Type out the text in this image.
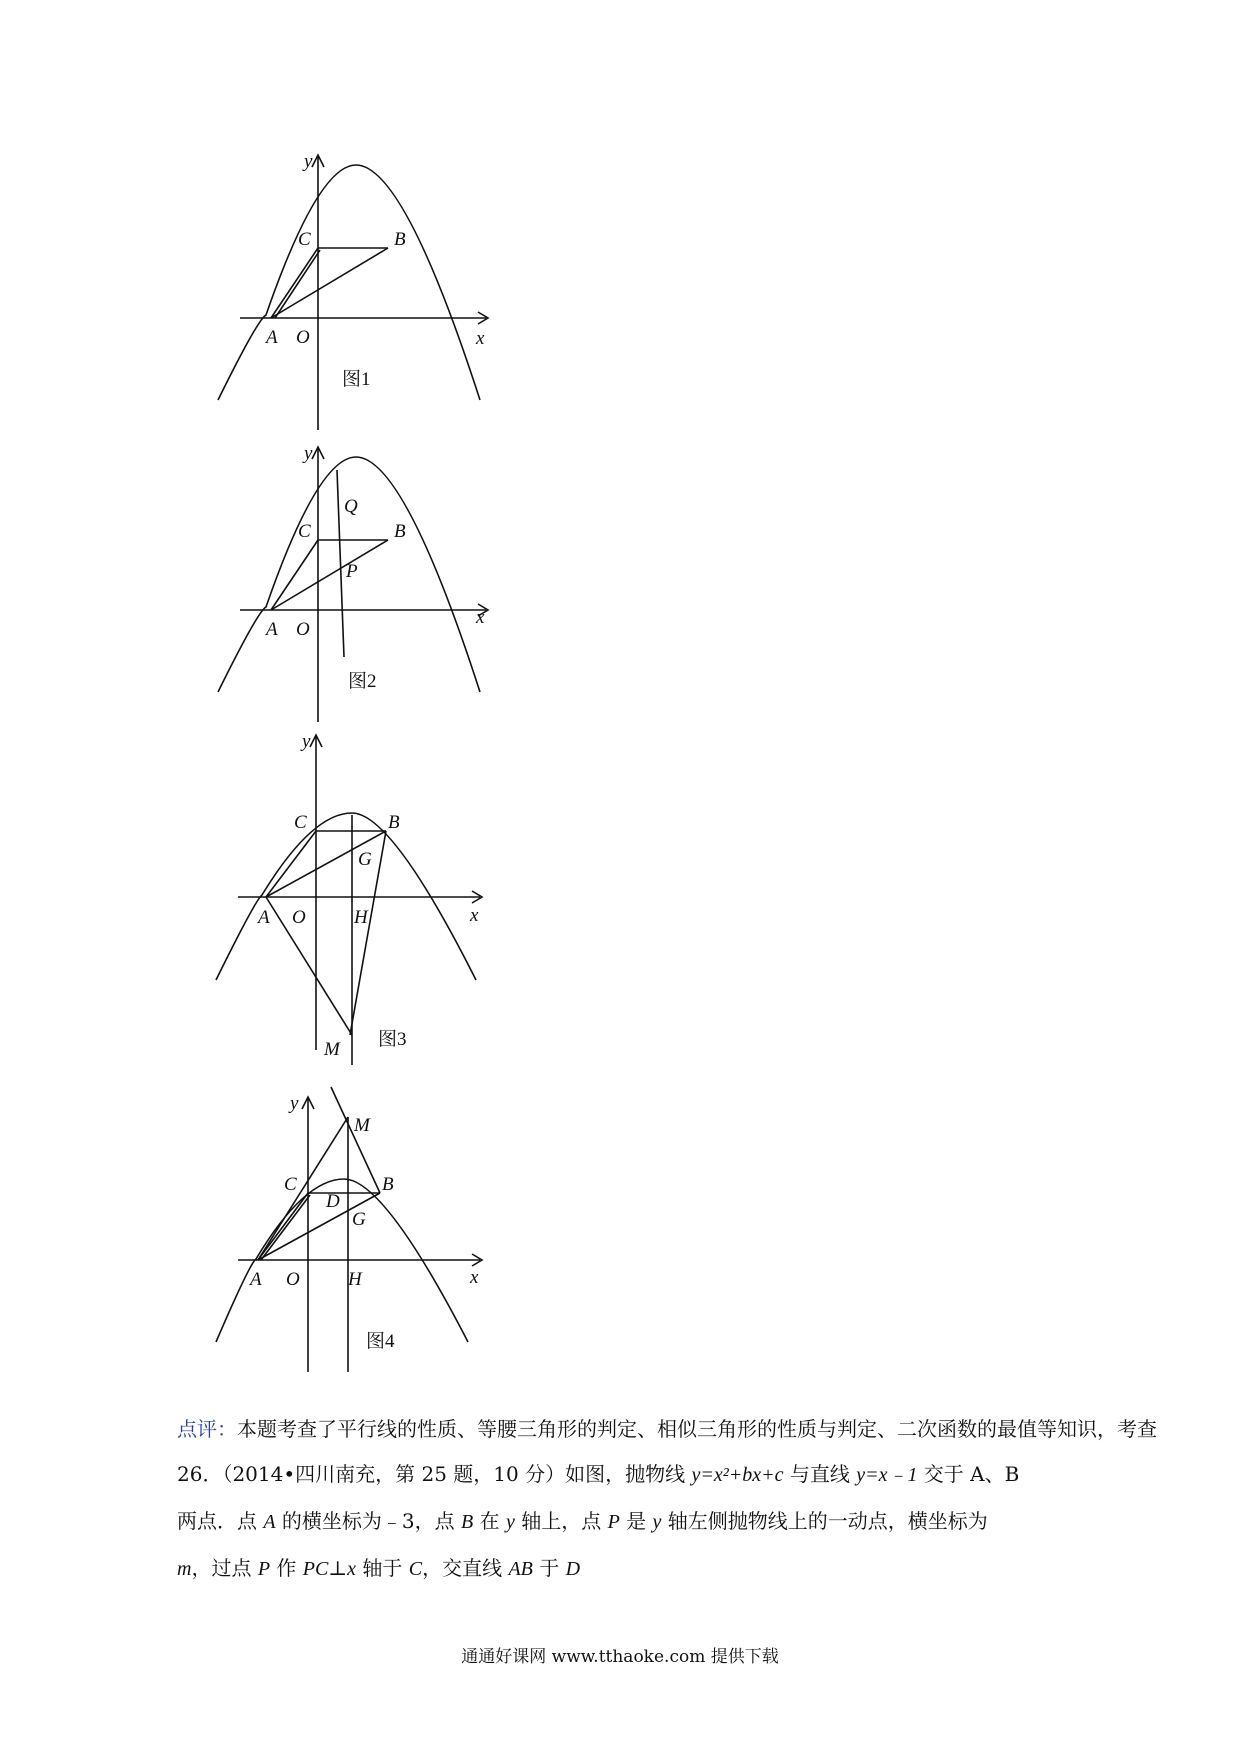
y
x
C	B
A O
图1
y
x
C	B
A O
Q
P
图2
y
x
C	B
A O
G
H
M 图3
y
x
C	B
A O
M
D
G
H
图4
点评：本题考查了平行线的性质、等腰三角形的判定、相似三角形的性质与判定、二次函数的最值等知识，考查
26．（2014•四川南充，第 25 题，10 分）如图，抛物线 y=x²+bx+c 与直线 y=x﹣1 交于 A、B
两点．点 A 的横坐标为﹣3，点 B 在 y 轴上，点 P 是 y 轴左侧抛物线上的一动点，横坐标为
m，过点 P 作 PC⊥x 轴于 C，交直线 AB 于 D
通通好课网 www.tthaoke.com 提供下载
